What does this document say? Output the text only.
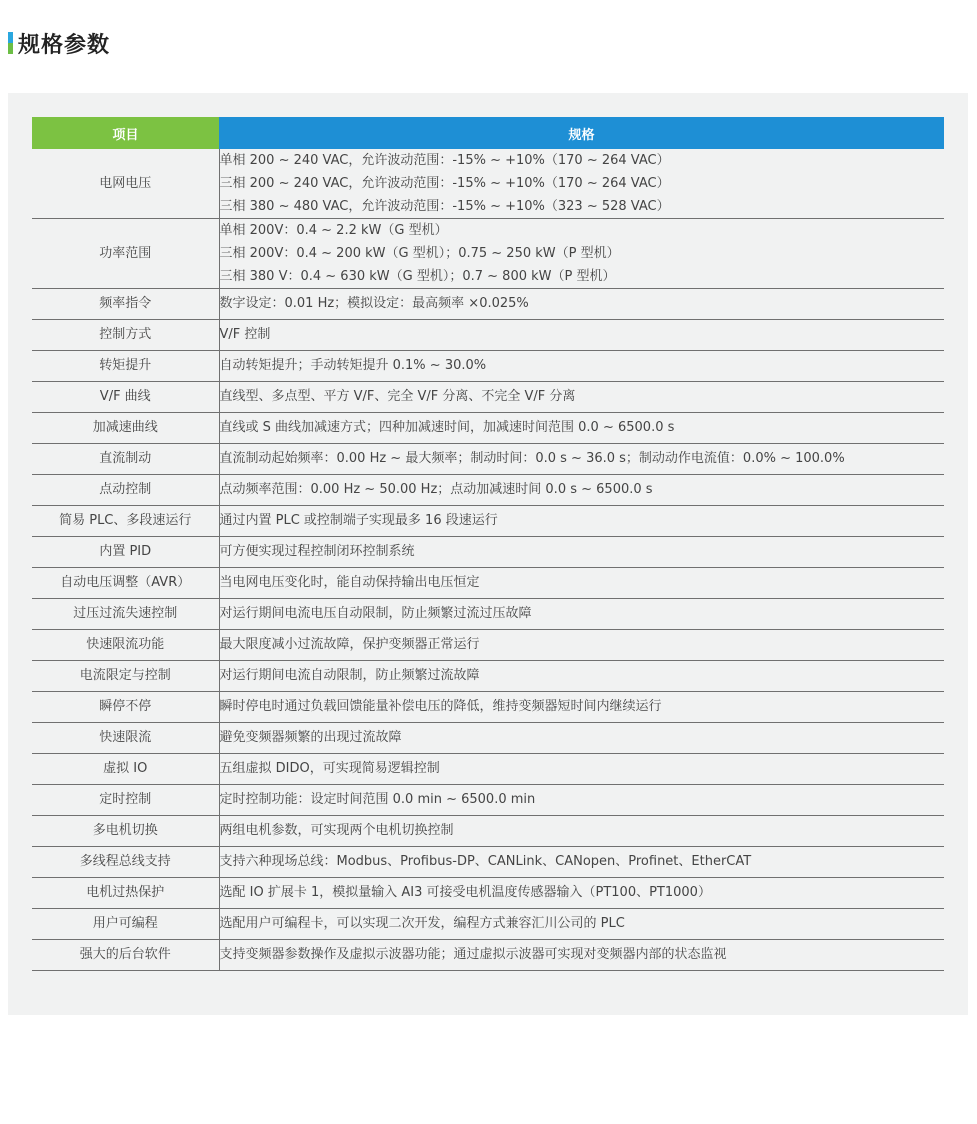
规格参数
项目	规格
电网电压	单相 200 ~ 240 VAC，允许波动范围：-15% ~ +10%（170 ~ 264 VAC）
三相 200 ~ 240 VAC，允许波动范围：-15% ~ +10%（170 ~ 264 VAC）
三相 380 ~ 480 VAC，允许波动范围：-15% ~ +10%（323 ~ 528 VAC）

功率范围	单相 200V：0.4 ~ 2.2 kW（G 型机）
三相 200V：0.4 ~ 200 kW（G 型机）；0.75 ~ 250 kW（P 型机）
三相 380 V：0.4 ~ 630 kW（G 型机）；0.7 ~ 800 kW（P 型机）

频率指令	数字设定：0.01 Hz；模拟设定：最高频率 ×0.025%
控制方式	V/F 控制
转矩提升	自动转矩提升；手动转矩提升 0.1% ~ 30.0%
V/F 曲线	直线型、多点型、平方 V/F、完全 V/F 分离、不完全 V/F 分离
加减速曲线	直线或 S 曲线加减速方式；四种加减速时间，加减速时间范围 0.0 ~ 6500.0 s
直流制动	直流制动起始频率：0.00 Hz ~ 最大频率；制动时间：0.0 s ~ 36.0 s；制动动作电流值：0.0% ~ 100.0%
点动控制	点动频率范围：0.00 Hz ~ 50.00 Hz；点动加减速时间 0.0 s ~ 6500.0 s
简易 PLC、多段速运行	通过内置 PLC 或控制端子实现最多 16 段速运行
内置 PID	可方便实现过程控制闭环控制系统
自动电压调整（AVR）	当电网电压变化时，能自动保持输出电压恒定
过压过流失速控制	对运行期间电流电压自动限制，防止频繁过流过压故障
快速限流功能	最大限度减小过流故障，保护变频器正常运行
电流限定与控制	对运行期间电流自动限制，防止频繁过流故障
瞬停不停	瞬时停电时通过负载回馈能量补偿电压的降低，维持变频器短时间内继续运行
快速限流	避免变频器频繁的出现过流故障
虚拟 IO	五组虚拟 DIDO，可实现简易逻辑控制
定时控制	定时控制功能：设定时间范围 0.0 min ~ 6500.0 min
多电机切换	两组电机参数，可实现两个电机切换控制
多线程总线支持	支持六种现场总线：Modbus、Profibus-DP、CANLink、CANopen、Profinet、EtherCAT
电机过热保护	选配 IO 扩展卡 1，模拟量输入 AI3 可接受电机温度传感器输入（PT100、PT1000）
用户可编程	选配用户可编程卡，可以实现二次开发，编程方式兼容汇川公司的 PLC
强大的后台软件	支持变频器参数操作及虚拟示波器功能；通过虚拟示波器可实现对变频器内部的状态监视
